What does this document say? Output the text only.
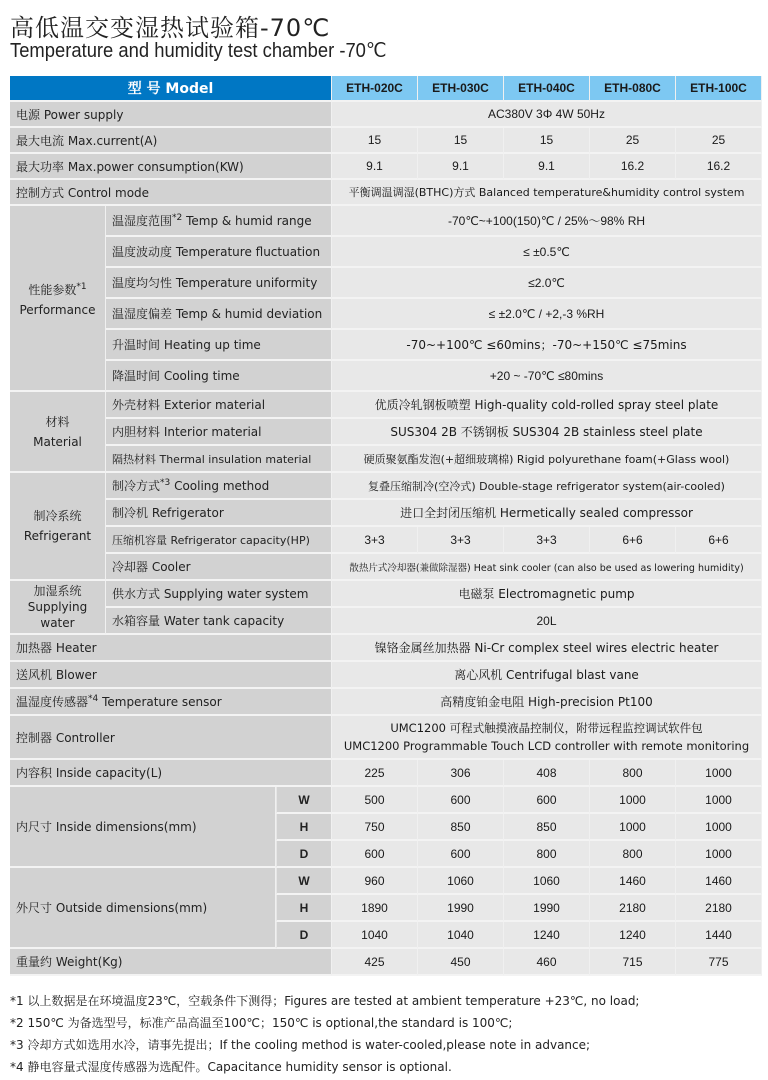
高低温交变湿热试验箱-70℃
Temperature and humidity test chamber -70℃
型 号 Model			ETH-020C	ETH-030C	ETH-040C	ETH-080C	ETH-100C
电源 Power supply			AC380V 3Φ 4W 50Hz				
最大电流 Max.current(A)			15	15	15	25	25
最大功率 Max.power consumption(KW)			9.1	9.1	9.1	16.2	16.2
控制方式 Control mode			平衡调温调湿(BTHC)方式 Balanced temperature&humidity control system				
性能参数$^{*1}$
Performance	温湿度范围$^{*2}$ Temp & humid range		-70℃~+100(150)℃ / 25%～98% RH				
	温度波动度 Temperature fluctuation		≤ ±0.5℃				
	温度均匀性 Temperature uniformity		≤2.0℃				
	温湿度偏差 Temp & humid deviation		≤ ±2.0℃ / +2,-3 %RH				
	升温时间 Heating up time		-70~+100℃ ≤60mins；-70~+150℃ ≤75mins				
	降温时间 Cooling time		+20 ~ -70℃ ≤80mins				
材料
Material	外壳材料 Exterior material		优质冷轧钢板喷塑 High-quality cold-rolled spray steel plate				
	内胆材料 Interior material		SUS304 2B 不锈钢板 SUS304 2B stainless steel plate				
	隔热材料 Thermal insulation material		硬质聚氨酯发泡(+超细玻璃棉) Rigid polyurethane foam(+Glass wool)				
制冷系统
Refrigerant	制冷方式$^{*3}$ Cooling method		复叠压缩制冷(空冷式) Double-stage refrigerator system(air-cooled)				
	制冷机 Refrigerator		进口全封闭压缩机 Hermetically sealed compressor				
	压缩机容量 Refrigerator capacity(HP)		3+3	3+3	3+3	6+6	6+6
	冷却器 Cooler		散热片式冷却器(兼做除湿器) Heat sink cooler (can also be used as lowering humidity)				
加湿系统
Supplying
water	供水方式 Supplying water system		电磁泵 Electromagnetic pump				
	水箱容量 Water tank capacity		20L				
加热器 Heater			镍铬金属丝加热器 Ni-Cr complex steel wires electric heater				
送风机 Blower			离心风机 Centrifugal blast vane				
温湿度传感器$^{*4}$ Temperature sensor			高精度铂金电阻 High-precision Pt100				
控制器 Controller			UMC1200 可程式触摸液晶控制仪，附带远程监控调试软件包
UMC1200 Programmable Touch LCD controller with remote monitoring				

内容积 Inside capacity(L)			225	306	408	800	1000
内尺寸 Inside dimensions(mm)		W	500	600	600	1000	1000
		H	750	850	850	1000	1000
		D	600	600	800	800	1000
外尺寸 Outside dimensions(mm)		W	960	1060	1060	1460	1460
		H	1890	1990	1990	2180	2180
		D	1040	1040	1240	1240	1440
重量约 Weight(Kg)			425	450	460	715	775
*1 以上数据是在环境温度23℃，空载条件下测得；Figures are tested at ambient temperature +23℃, no load;
*2 150℃ 为备选型号，标准产品高温至100℃；150℃ is optional,the standard is 100℃;
*3 冷却方式如选用水冷，请事先提出；If the cooling method is water-cooled,please note in advance;
*4 静电容量式湿度传感器为选配件。Capacitance humidity sensor is optional.
